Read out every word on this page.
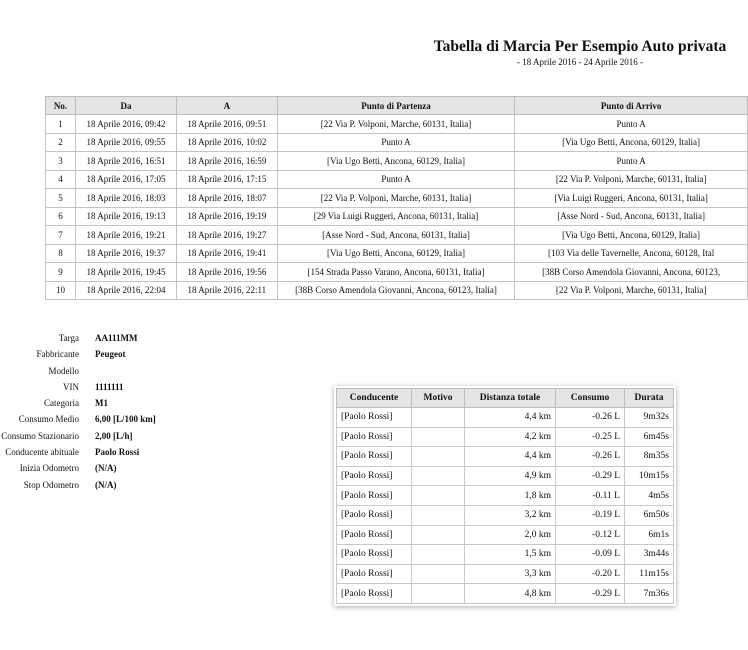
Tabella di Marcia Per Esempio Auto privata
- 18 Aprile 2016 - 24 Aprile 2016 -
No.	Da	A	Punto di Partenza	Punto di Arrivo
1	18 Aprile 2016, 09:42	18 Aprile 2016, 09:51	[22 Via P. Volponi, Marche, 60131, Italia]	Punto A
2	18 Aprile 2016, 09:55	18 Aprile 2016, 10:02	Punto A	[Via Ugo Betti, Ancona, 60129, Italia]
3	18 Aprile 2016, 16:51	18 Aprile 2016, 16:59	[Via Ugo Betti, Ancona, 60129, Italia]	Punto A
4	18 Aprile 2016, 17:05	18 Aprile 2016, 17:15	Punto A	[22 Via P. Volponi, Marche, 60131, Italia]
5	18 Aprile 2016, 18:03	18 Aprile 2016, 18:07	[22 Via P. Volponi, Marche, 60131, Italia]	[Via Luigi Ruggeri, Ancona, 60131, Italia]
6	18 Aprile 2016, 19:13	18 Aprile 2016, 19:19	[29 Via Luigi Ruggeri, Ancona, 60131, Italia]	[Asse Nord - Sud, Ancona, 60131, Italia]
7	18 Aprile 2016, 19:21	18 Aprile 2016, 19:27	[Asse Nord - Sud, Ancona, 60131, Italia]	[Via Ugo Betti, Ancona, 60129, Italia]
8	18 Aprile 2016, 19:37	18 Aprile 2016, 19:41	[Via Ugo Betti, Ancona, 60129, Italia]	[103 Via delle Tavernelle, Ancona, 60128, Ital
9	18 Aprile 2016, 19:45	18 Aprile 2016, 19:56	[154 Strada Passo Varano, Ancona, 60131, Italia]	[38B Corso Amendola Giovanni, Ancona, 60123,
10	18 Aprile 2016, 22:04	18 Aprile 2016, 22:11	[38B Corso Amendola Giovanni, Ancona, 60123, Italia]	[22 Via P. Volponi, Marche, 60131, Italia]
Targa AA111MM
Fabbricante Peugeot
Modello
VIN 1111111
Categoria M1
Consumo Medio 6,00 [L/100 km]
Consumo Stazionario 2,00 [L/h]
Conducente abituale Paolo Rossi
Inizia Odometro (N/A)
Stop Odometro (N/A)
Conducente	Motivo	Distanza totale	Consumo	Durata
[Paolo Rossi]		4,4 km	-0.26 L	9m32s
[Paolo Rossi]		4,2 km	-0.25 L	6m45s
[Paolo Rossi]		4,4 km	-0.26 L	8m35s
[Paolo Rossi]		4,9 km	-0.29 L	10m15s
[Paolo Rossi]		1,8 km	-0.11 L	4m5s
[Paolo Rossi]		3,2 km	-0.19 L	6m50s
[Paolo Rossi]		2,0 km	-0.12 L	6m1s
[Paolo Rossi]		1,5 km	-0.09 L	3m44s
[Paolo Rossi]		3,3 km	-0.20 L	11m15s
[Paolo Rossi]		4,8 km	-0.29 L	7m36s
